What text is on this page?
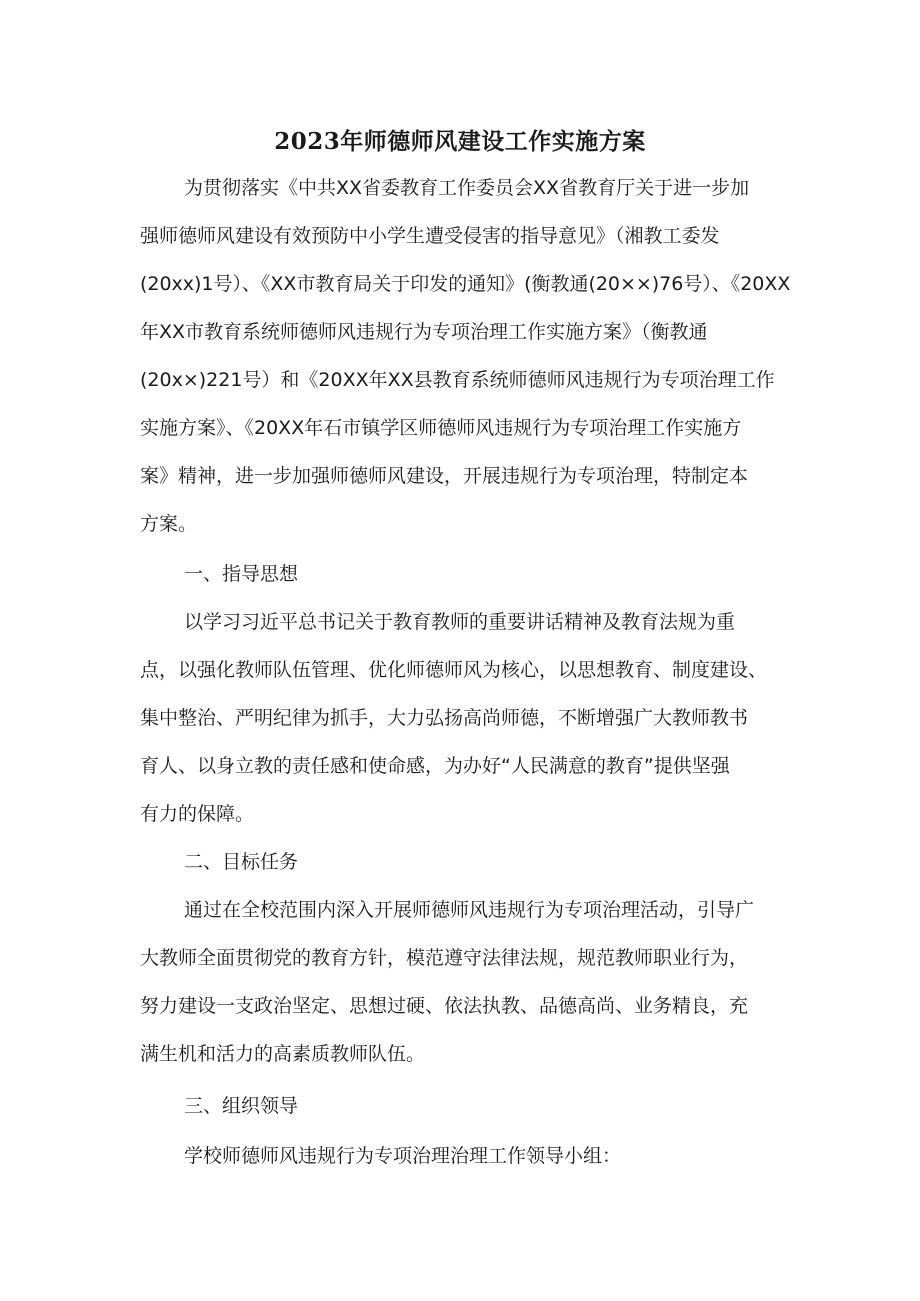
2023年师德师风建设工作实施方案

为贯彻落实《中共XX省委教育工作委员会XX省教育厅关于进一步加

强师德师风建设有效预防中小学生遭受侵害的指导意见》（湘教工委发

(20xx)1号）、《XX市教育局关于印发的通知》(衡教通(20××)76号）、《20XX

年XX市教育系统师德师风违规行为专项治理工作实施方案》（衡教通

(20x×)221号）和《20XX年XX县教育系统师德师风违规行为专项治理工作

实施方案》、《20XX年石市镇学区师德师风违规行为专项治理工作实施方

案》精神，进一步加强师德师风建设，开展违规行为专项治理，特制定本

方案。

一、指导思想

以学习习近平总书记关于教育教师的重要讲话精神及教育法规为重

点，以强化教师队伍管理、优化师德师风为核心，以思想教育、制度建设、

集中整治、严明纪律为抓手，大力弘扬高尚师德，不断增强广大教师教书

育人、以身立教的责任感和使命感，为办好“人民满意的教育”提供坚强

有力的保障。

二、目标任务

通过在全校范围内深入开展师德师风违规行为专项治理活动，引导广

大教师全面贯彻党的教育方针，模范遵守法律法规，规范教师职业行为，

努力建设一支政治坚定、思想过硬、依法执教、品德高尚、业务精良，充

满生机和活力的高素质教师队伍。

三、组织领导

学校师德师风违规行为专项治理治理工作领导小组：
